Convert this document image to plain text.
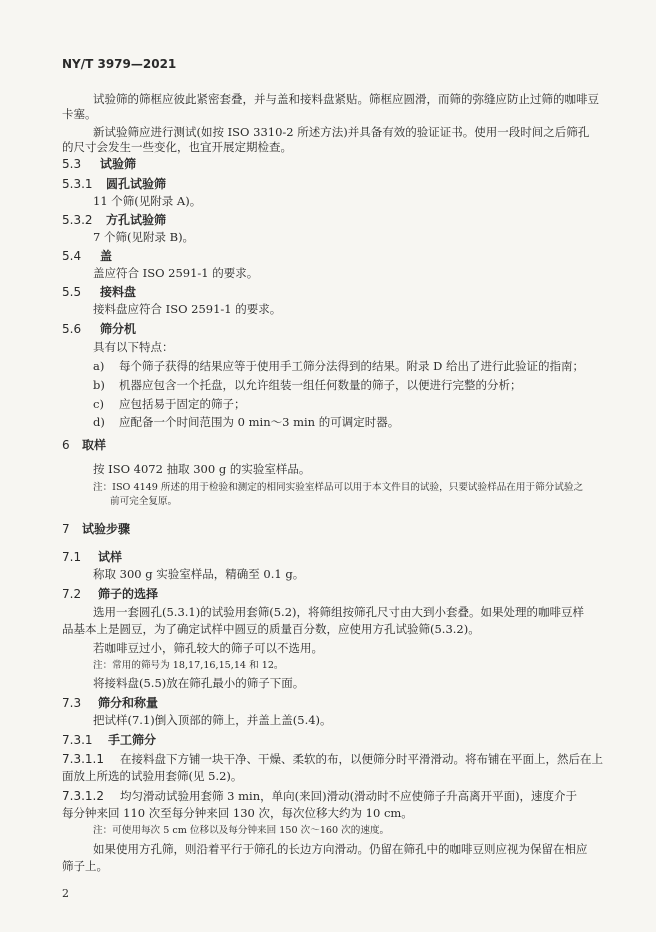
NY/T 3979—2021
试验筛的筛框应彼此紧密套叠，并与盖和接料盘紧贴。筛框应圆滑，而筛的弥缝应防止过筛的咖啡豆
卡塞。
新试验筛应进行测试(如按 ISO 3310-2 所述方法)并具备有效的验证证书。使用一段时间之后筛孔
的尺寸会发生一些变化，也宜开展定期检查。
5.3 试验筛
5.3.1 圆孔试验筛
11 个筛(见附录 A)。
5.3.2 方孔试验筛
7 个筛(见附录 B)。
5.4 盖
盖应符合 ISO 2591-1 的要求。
5.5 接料盘
接料盘应符合 ISO 2591-1 的要求。
5.6 筛分机
具有以下特点：
a) 每个筛子获得的结果应等于使用手工筛分法得到的结果。附录 D 给出了进行此验证的指南；
b) 机器应包含一个托盘，以允许组装一组任何数量的筛子，以便进行完整的分析；
c) 应包括易于固定的筛子；
d) 应配备一个时间范围为 0 min～3 min 的可调定时器。
6 取样
按 ISO 4072 抽取 300 g 的实验室样品。
注：ISO 4149 所述的用于检验和测定的相同实验室样品可以用于本文件目的试验，只要试验样品在用于筛分试验之
前可完全复原。
7 试验步骤
7.1 试样
称取 300 g 实验室样品，精确至 0.1 g。
7.2 筛子的选择
选用一套圆孔(5.3.1)的试验用套筛(5.2)，将筛组按筛孔尺寸由大到小套叠。如果处理的咖啡豆样
品基本上是圆豆，为了确定试样中圆豆的质量百分数，应使用方孔试验筛(5.3.2)。
若咖啡豆过小，筛孔较大的筛子可以不选用。
注：常用的筛号为 18,17,16,15,14 和 12。
将接料盘(5.5)放在筛孔最小的筛子下面。
7.3 筛分和称量
把试样(7.1)倒入顶部的筛上，并盖上盖(5.4)。
7.3.1 手工筛分
7.3.1.1 在接料盘下方铺一块干净、干燥、柔软的布，以便筛分时平滑滑动。将布铺在平面上，然后在上
面放上所选的试验用套筛(见 5.2)。
7.3.1.2 均匀滑动试验用套筛 3 min，单向(来回)滑动(滑动时不应使筛子升高离开平面)，速度介于
每分钟来回 110 次至每分钟来回 130 次，每次位移大约为 10 cm。
注：可使用每次 5 cm 位移以及每分钟来回 150 次～160 次的速度。
如果使用方孔筛，则沿着平行于筛孔的长边方向滑动。仍留在筛孔中的咖啡豆则应视为保留在相应
筛子上。
2
